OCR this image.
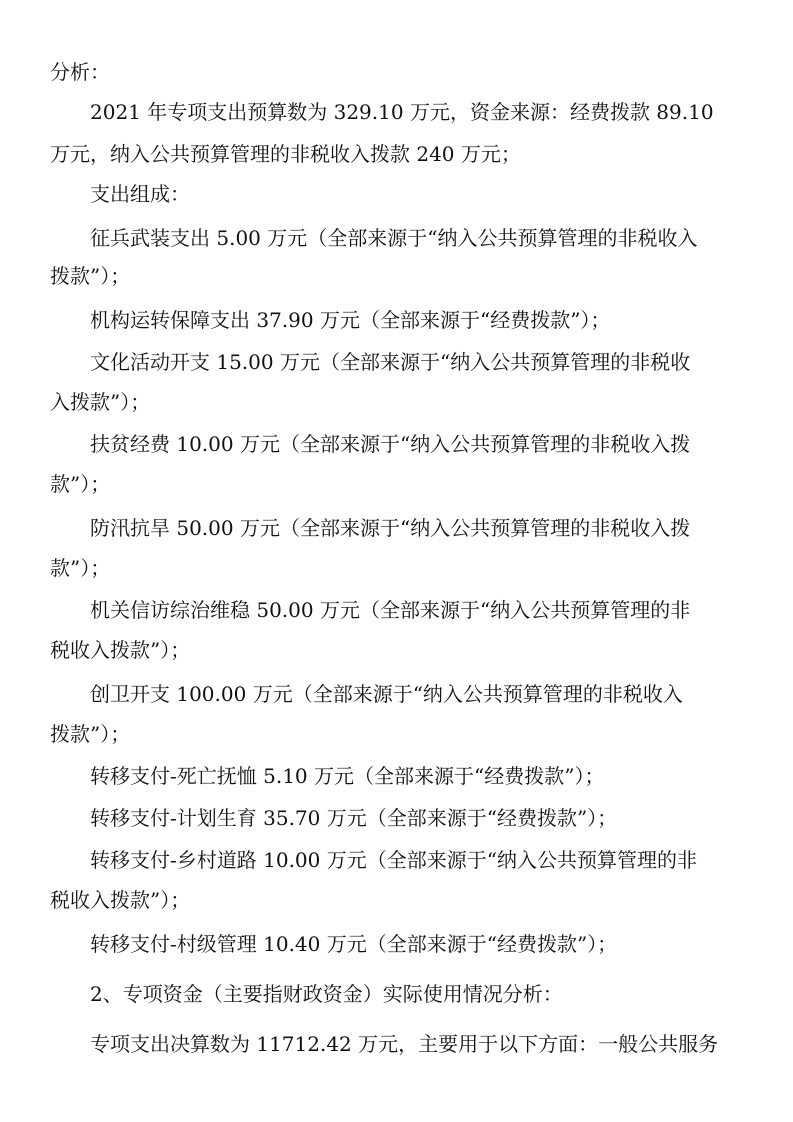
分析：
2021 年专项支出预算数为 329.10 万元，资金来源：经费拨款 89.10
万元，纳入公共预算管理的非税收入拨款 240 万元；
支出组成：
征兵武装支出 5.00 万元（全部来源于“纳入公共预算管理的非税收入
拨款”）；
机构运转保障支出 37.90 万元（全部来源于“经费拨款”）；
文化活动开支 15.00 万元（全部来源于“纳入公共预算管理的非税收
入拨款”）；
扶贫经费 10.00 万元（全部来源于“纳入公共预算管理的非税收入拨
款”）；
防汛抗旱 50.00 万元（全部来源于“纳入公共预算管理的非税收入拨
款”）；
机关信访综治维稳 50.00 万元（全部来源于“纳入公共预算管理的非
税收入拨款”）；
创卫开支 100.00 万元（全部来源于“纳入公共预算管理的非税收入
拨款”）；
转移支付-死亡抚恤 5.10 万元（全部来源于“经费拨款”）；
转移支付-计划生育 35.70 万元（全部来源于“经费拨款”）；
转移支付-乡村道路 10.00 万元（全部来源于“纳入公共预算管理的非
税收入拨款”）；
转移支付-村级管理 10.40 万元（全部来源于“经费拨款”）；
2、专项资金（主要指财政资金）实际使用情况分析：
专项支出决算数为 11712.42 万元，主要用于以下方面：一般公共服务
